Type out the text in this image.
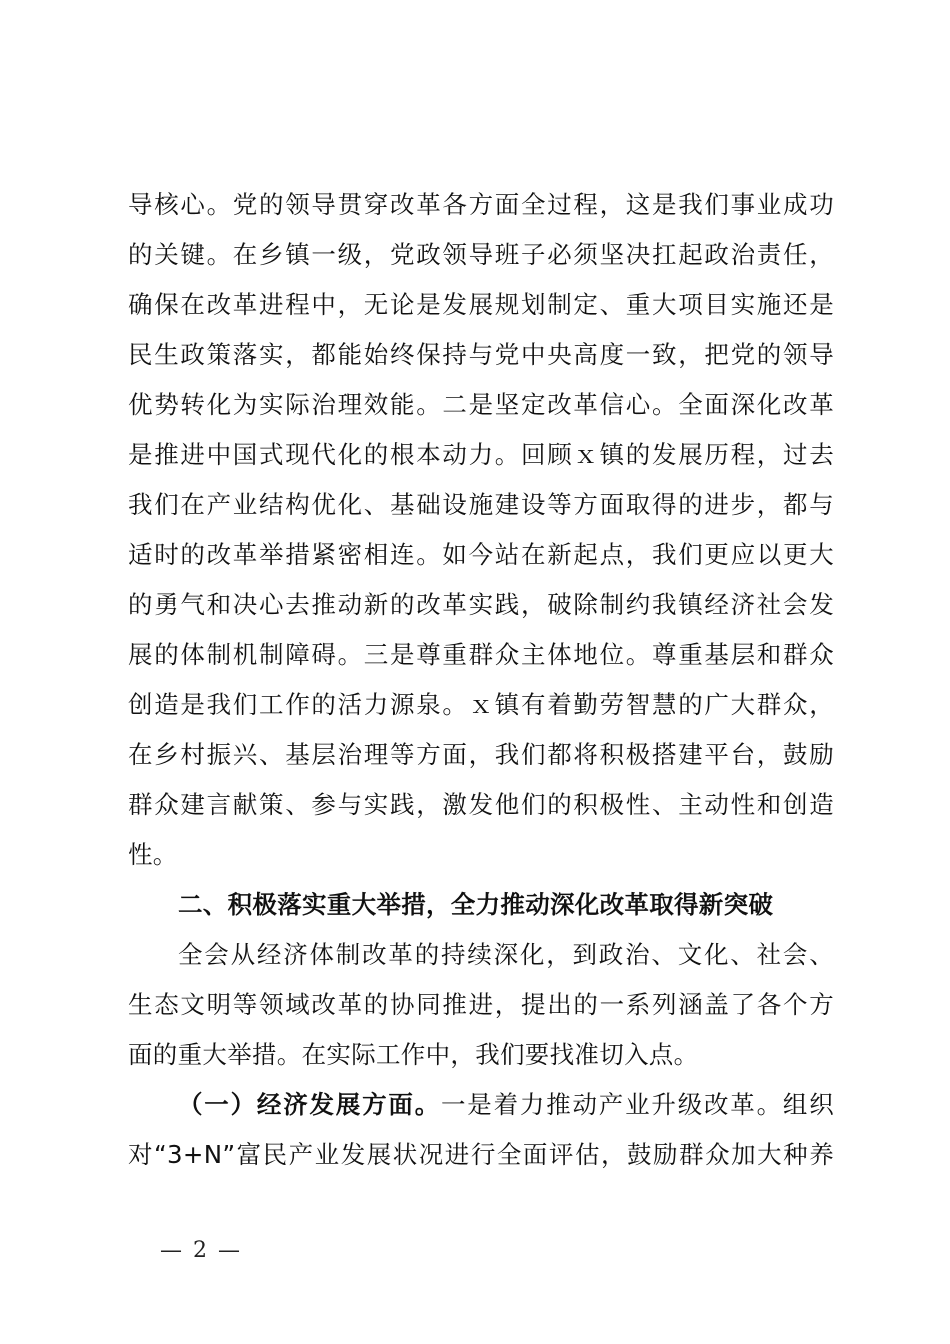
导核心。党的领导贯穿改革各方面全过程，这是我们事业成功
的关键。在乡镇一级，党政领导班子必须坚决扛起政治责任，
确保在改革进程中，无论是发展规划制定、重大项目实施还是
民生政策落实，都能始终保持与党中央高度一致，把党的领导
优势转化为实际治理效能。二是坚定改革信心。全面深化改革
是推进中国式现代化的根本动力。回顾ｘ镇的发展历程，过去
我们在产业结构优化、基础设施建设等方面取得的进步，都与
适时的改革举措紧密相连。如今站在新起点，我们更应以更大
的勇气和决心去推动新的改革实践，破除制约我镇经济社会发
展的体制机制障碍。三是尊重群众主体地位。尊重基层和群众
创造是我们工作的活力源泉。ｘ镇有着勤劳智慧的广大群众，
在乡村振兴、基层治理等方面，我们都将积极搭建平台，鼓励
群众建言献策、参与实践，激发他们的积极性、主动性和创造
性。
二、积极落实重大举措，全力推动深化改革取得新突破
全会从经济体制改革的持续深化，到政治、文化、社会、
生态文明等领域改革的协同推进，提出的一系列涵盖了各个方
面的重大举措。在实际工作中，我们要找准切入点。
（一）经济发展方面。一是着力推动产业升级改革。组织
对“3+N”富民产业发展状况进行全面评估，鼓励群众加大种养
— 2 —
